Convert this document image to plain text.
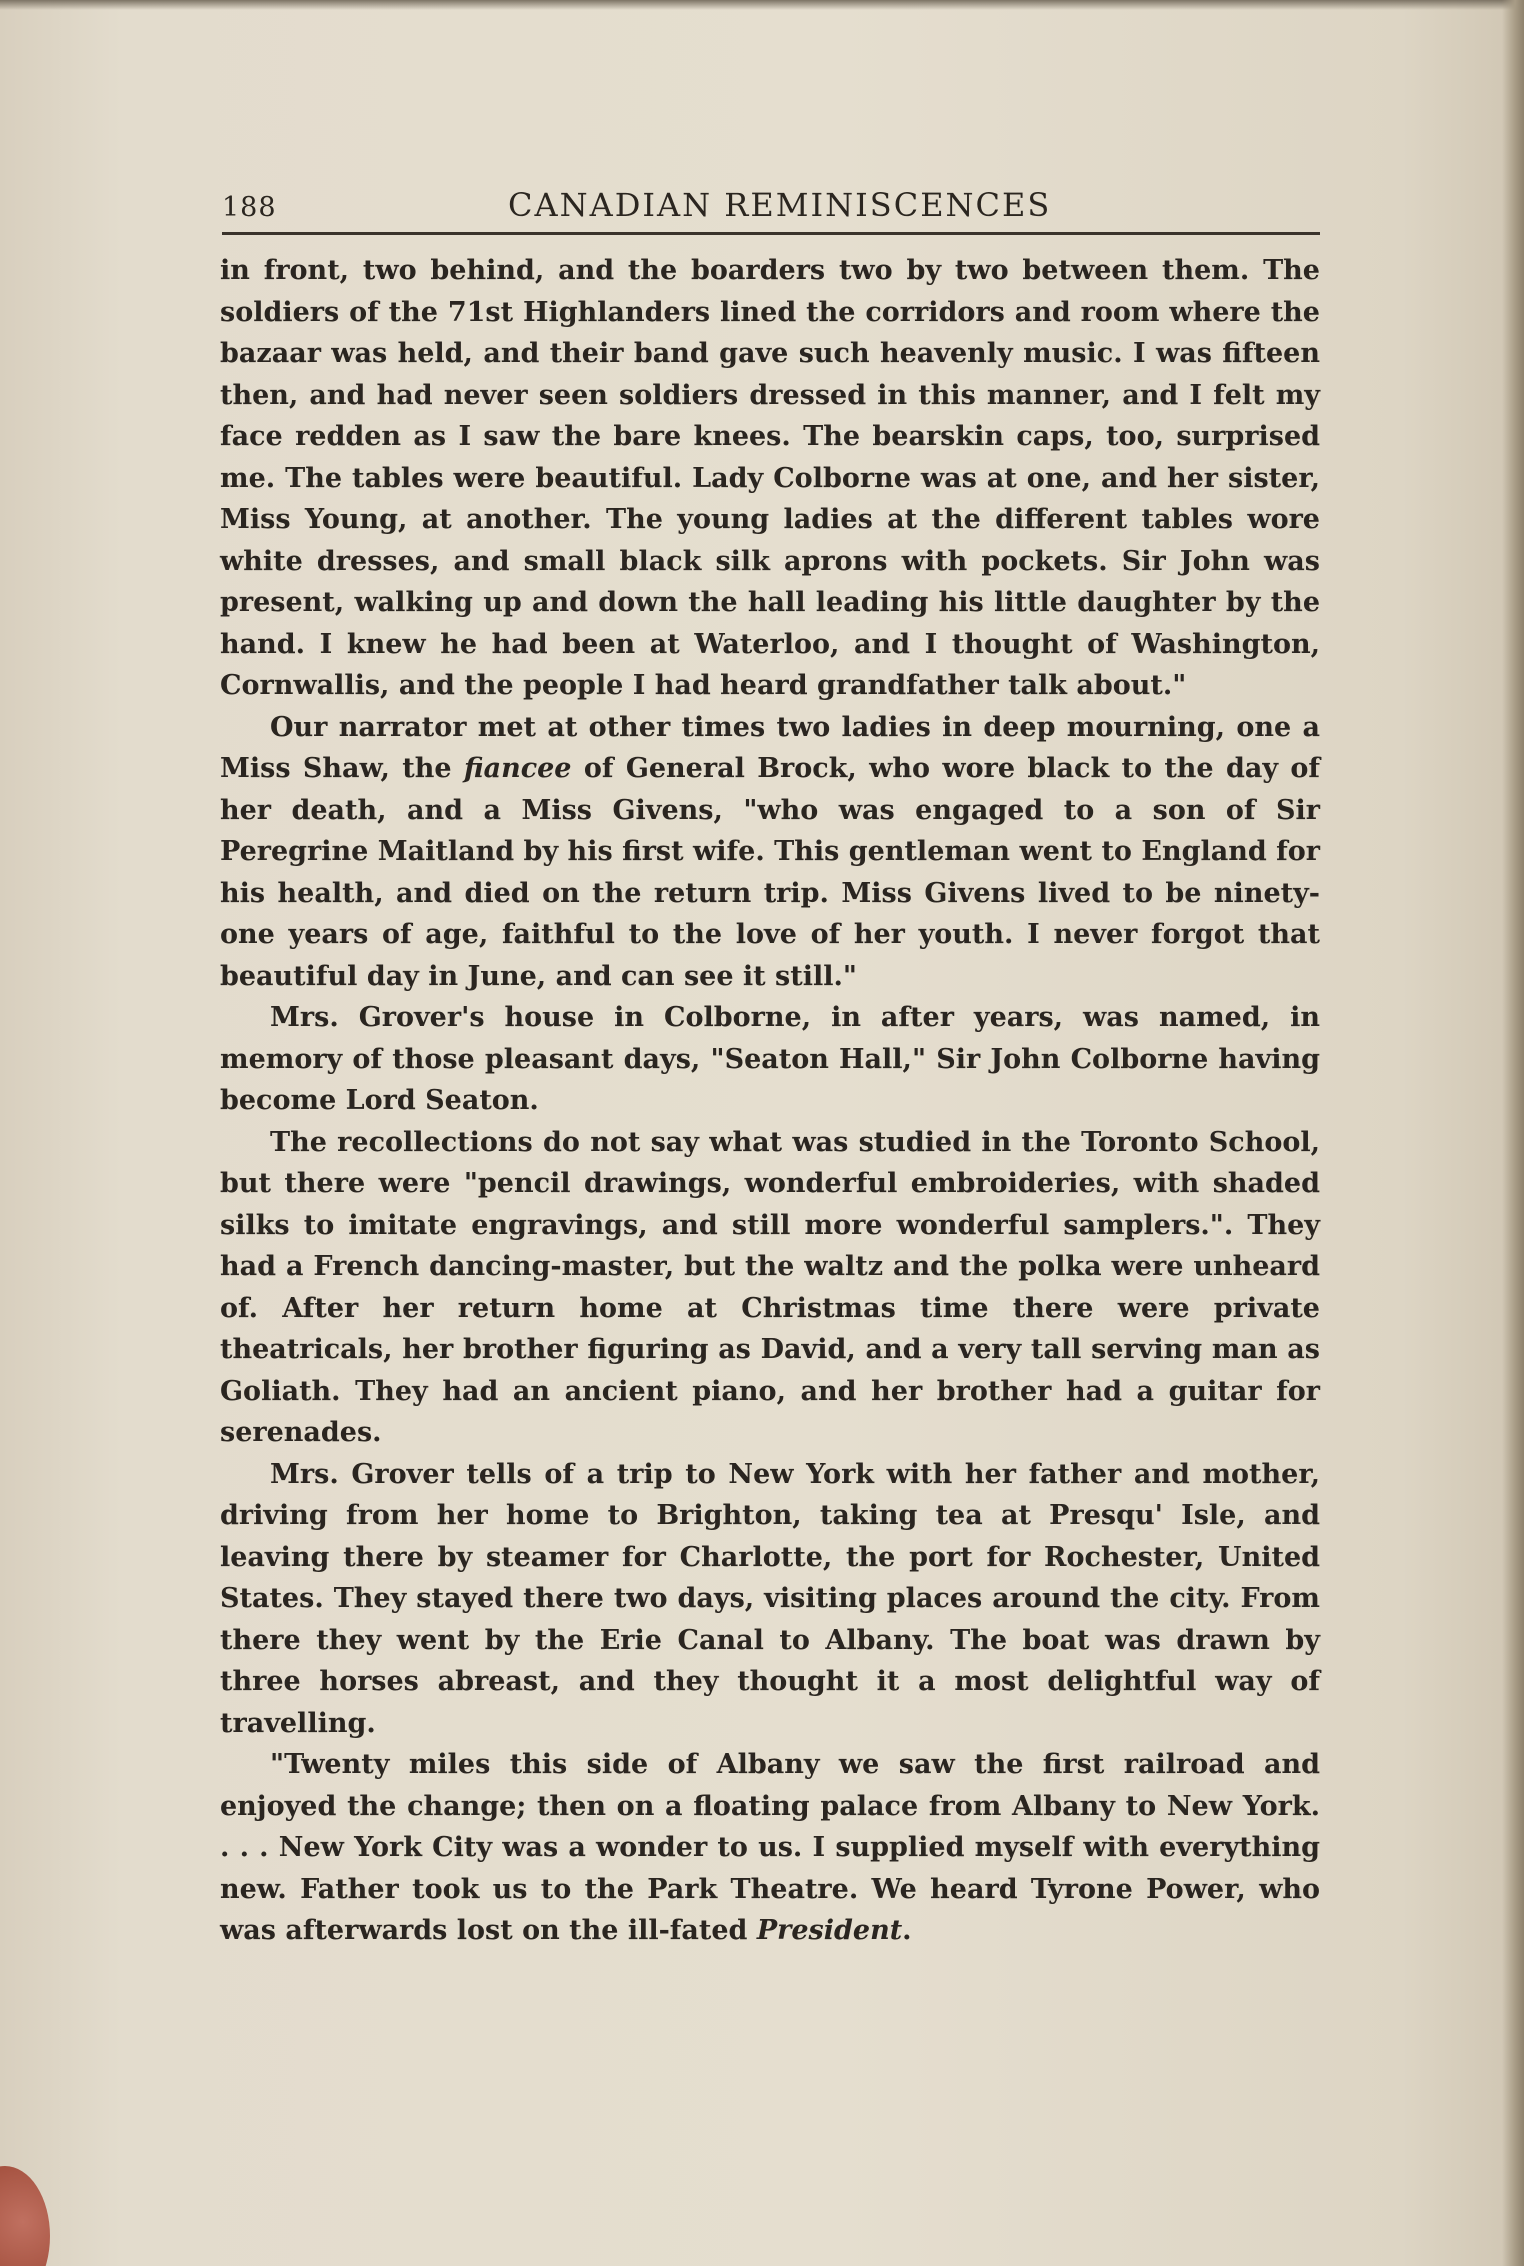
188	CANADIAN REMINISCENCES

in front, two behind, and the boarders two by two between them. The soldiers of the 71st Highlanders lined the corridors and room where the bazaar was held, and their band gave such heavenly music. I was fifteen then, and had never seen soldiers dressed in this manner, and I felt my face redden as I saw the bare knees. The bearskin caps, too, surprised me. The tables were beautiful. Lady Colborne was at one, and her sister, Miss Young, at another. The young ladies at the different tables wore white dresses, and small black silk aprons with pockets. Sir John was present, walking up and down the hall leading his little daughter by the hand. I knew he had been at Waterloo, and I thought of Washington, Cornwallis, and the people I had heard grandfather talk about."

Our narrator met at other times two ladies in deep mourning, one a Miss Shaw, the fiancee of General Brock, who wore black to the day of her death, and a Miss Givens, "who was engaged to a son of Sir Peregrine Maitland by his first wife. This gentleman went to England for his health, and died on the return trip. Miss Givens lived to be ninety-one years of age, faithful to the love of her youth. I never forgot that beautiful day in June, and can see it still."

Mrs. Grover's house in Colborne, in after years, was named, in memory of those pleasant days, "Seaton Hall," Sir John Colborne having become Lord Seaton.

The recollections do not say what was studied in the Toronto School, but there were "pencil drawings, wonderful embroideries, with shaded silks to imitate engravings, and still more wonderful samplers.". They had a French dancing-master, but the waltz and the polka were unheard of. After her return home at Christmas time there were private theatricals, her brother figuring as David, and a very tall serving man as Goliath. They had an ancient piano, and her brother had a guitar for serenades.

Mrs. Grover tells of a trip to New York with her father and mother, driving from her home to Brighton, taking tea at Presqu' Isle, and leaving there by steamer for Charlotte, the port for Rochester, United States. They stayed there two days, visiting places around the city. From there they went by the Erie Canal to Albany. The boat was drawn by three horses abreast, and they thought it a most delightful way of travelling.

"Twenty miles this side of Albany we saw the first railroad and enjoyed the change; then on a floating palace from Albany to New York. . . . New York City was a wonder to us. I supplied myself with everything new. Father took us to the Park Theatre. We heard Tyrone Power, who was afterwards lost on the ill-fated President.
